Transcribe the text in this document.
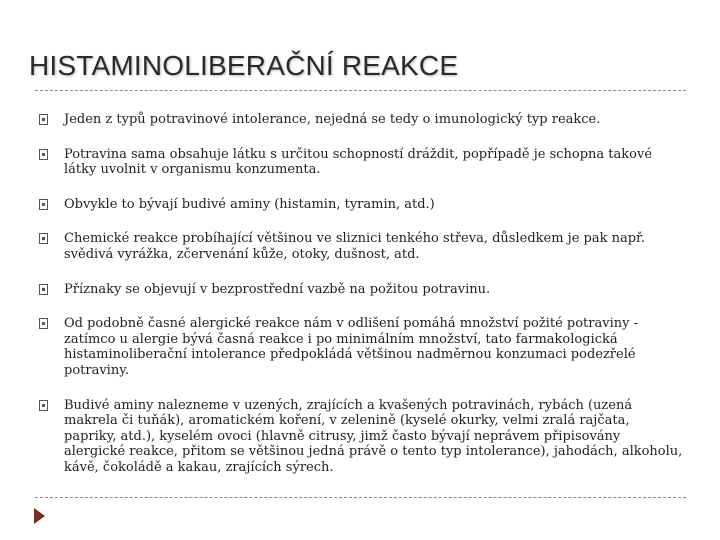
HISTAMINOLIBERAČNÍ REAKCE
Jeden z typů potravinové intolerance, nejedná se tedy o imunologický typ reakce.
Potravina sama obsahuje látku s určitou schopností dráždit, popřípadě je schopna takové látky uvolnit v organismu konzumenta.
Obvykle to bývají budivé aminy (histamin, tyramin, atd.)
Chemické reakce probíhající většinou ve sliznici tenkého střeva, důsledkem je pak např. svědivá vyrážka, zčervenání kůže, otoky, dušnost, atd.
Příznaky se objevují v bezprostřední vazbě na požitou potravinu.
Od podobně časné alergické reakce nám v odlišení pomáhá množství požité potraviny - zatímco u alergie bývá časná reakce i po minimálním množství, tato farmakologická histaminoliberační intolerance předpokládá většinou nadměrnou konzumaci podezřelé potraviny.
Budivé aminy nalezneme v uzených, zrajících a kvašených potravinách, rybách (uzená makrela či tuňák), aromatickém koření, v zelenině (kyselé okurky, velmi zralá rajčata, papriky, atd.), kyselém ovoci (hlavně citrusy, jimž často bývají neprávem připisovány alergické reakce, přitom se většinou jedná právě o tento typ intolerance), jahodách, alkoholu, kávě, čokoládě a kakau, zrajících sýrech.
